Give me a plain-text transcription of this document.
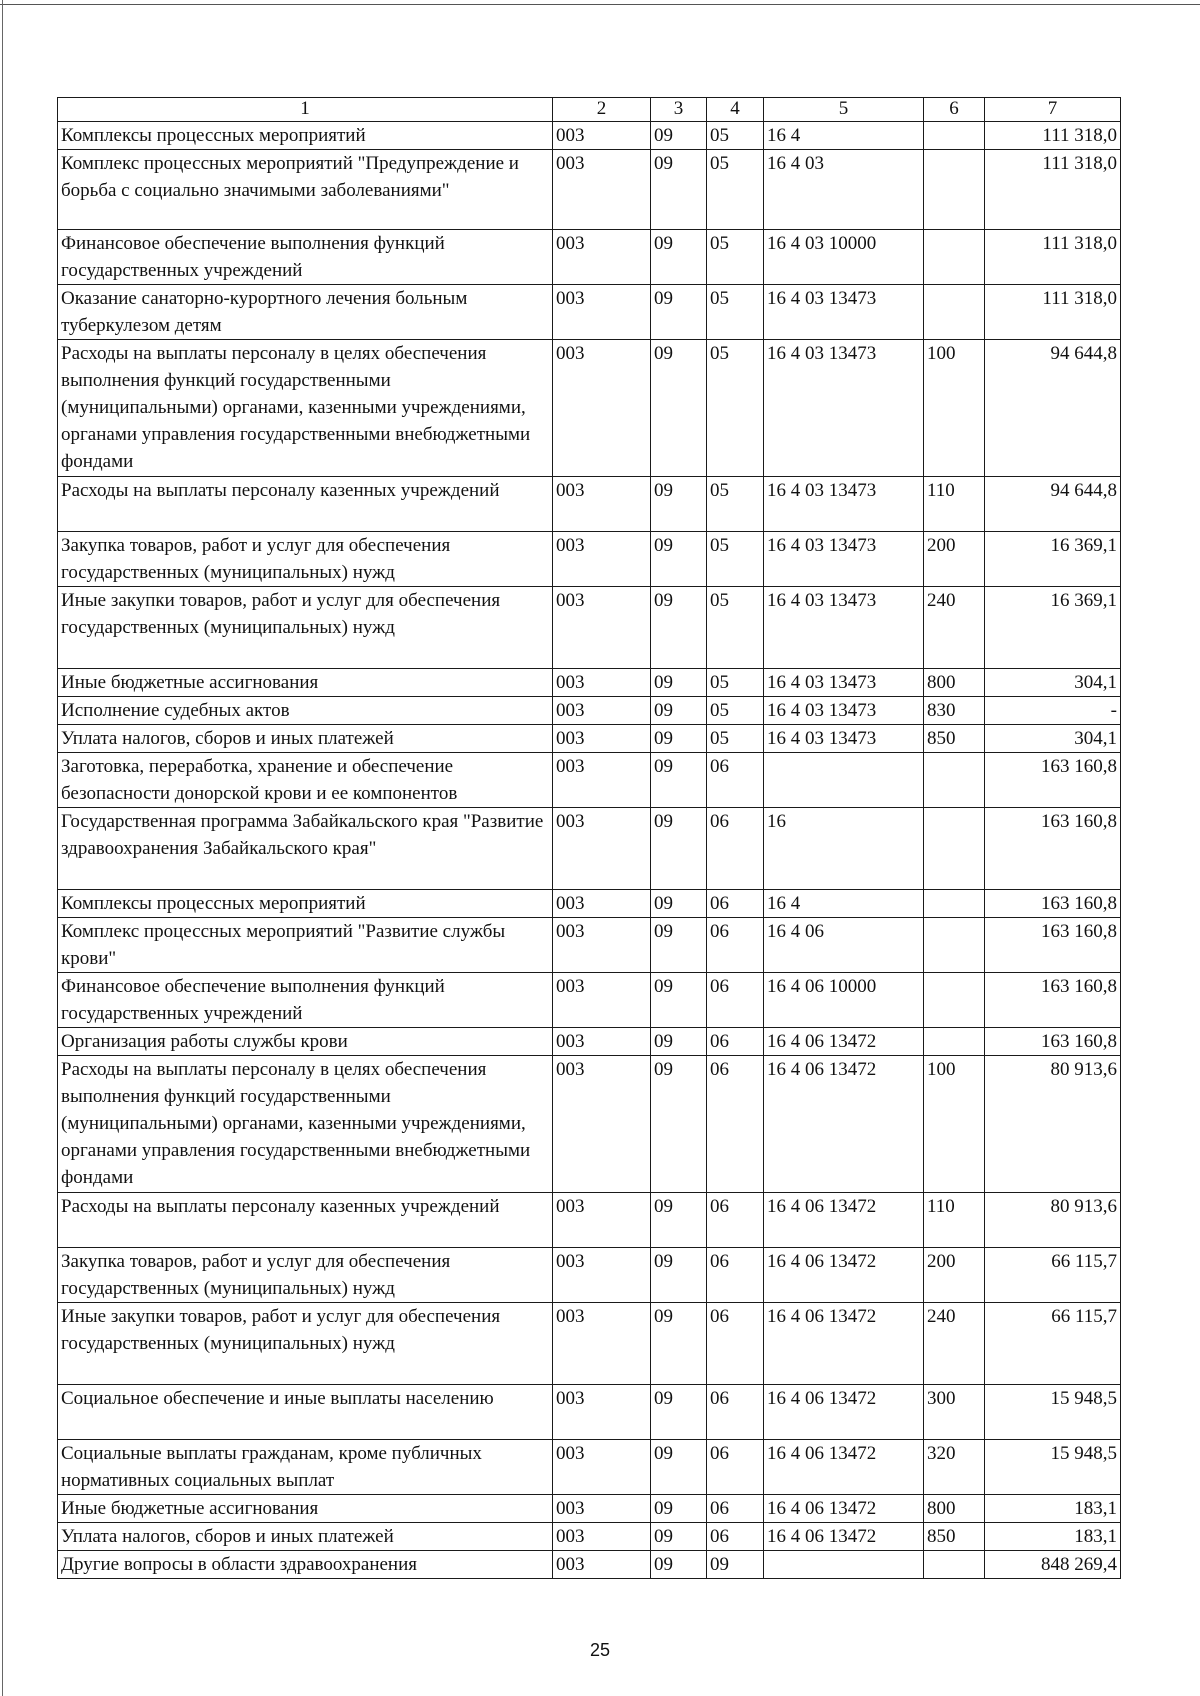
1	2	3	4	5	6	7
Комплексы процессных мероприятий	003	09	05	16 4		111 318,0
Комплекс процессных мероприятий "Предупреждение и борьба с социально значимыми заболеваниями"	003	09	05	16 4 03		111 318,0
Финансовое обеспечение выполнения функций государственных учреждений	003	09	05	16 4 03 10000		111 318,0
Оказание санаторно-курортного лечения больным туберкулезом детям	003	09	05	16 4 03 13473		111 318,0
Расходы на выплаты персоналу в целях обеспечения выполнения функций государственными (муниципальными) органами, казенными учреждениями, органами управления государственными внебюджетными фондами	003	09	05	16 4 03 13473	100	94 644,8
Расходы на выплаты персоналу казенных учреждений	003	09	05	16 4 03 13473	110	94 644,8
Закупка товаров, работ и услуг для обеспечения государственных (муниципальных) нужд	003	09	05	16 4 03 13473	200	16 369,1
Иные закупки товаров, работ и услуг для обеспечения государственных (муниципальных) нужд	003	09	05	16 4 03 13473	240	16 369,1
Иные бюджетные ассигнования	003	09	05	16 4 03 13473	800	304,1
Исполнение судебных актов	003	09	05	16 4 03 13473	830	-
Уплата налогов, сборов и иных платежей	003	09	05	16 4 03 13473	850	304,1
Заготовка, переработка, хранение и обеспечение безопасности донорской крови и ее компонентов	003	09	06			163 160,8
Государственная программа Забайкальского края "Развитие здравоохранения Забайкальского края"	003	09	06	16		163 160,8
Комплексы процессных мероприятий	003	09	06	16 4		163 160,8
Комплекс процессных мероприятий "Развитие службы крови"	003	09	06	16 4 06		163 160,8
Финансовое обеспечение выполнения функций государственных учреждений	003	09	06	16 4 06 10000		163 160,8
Организация работы службы крови	003	09	06	16 4 06 13472		163 160,8
Расходы на выплаты персоналу в целях обеспечения выполнения функций государственными (муниципальными) органами, казенными учреждениями, органами управления государственными внебюджетными фондами	003	09	06	16 4 06 13472	100	80 913,6
Расходы на выплаты персоналу казенных учреждений	003	09	06	16 4 06 13472	110	80 913,6
Закупка товаров, работ и услуг для обеспечения государственных (муниципальных) нужд	003	09	06	16 4 06 13472	200	66 115,7
Иные закупки товаров, работ и услуг для обеспечения государственных (муниципальных) нужд	003	09	06	16 4 06 13472	240	66 115,7
Социальное обеспечение и иные выплаты населению	003	09	06	16 4 06 13472	300	15 948,5
Социальные выплаты гражданам, кроме публичных нормативных социальных выплат	003	09	06	16 4 06 13472	320	15 948,5
Иные бюджетные ассигнования	003	09	06	16 4 06 13472	800	183,1
Уплата налогов, сборов и иных платежей	003	09	06	16 4 06 13472	850	183,1
Другие вопросы в области здравоохранения	003	09	09			848 269,4
25
